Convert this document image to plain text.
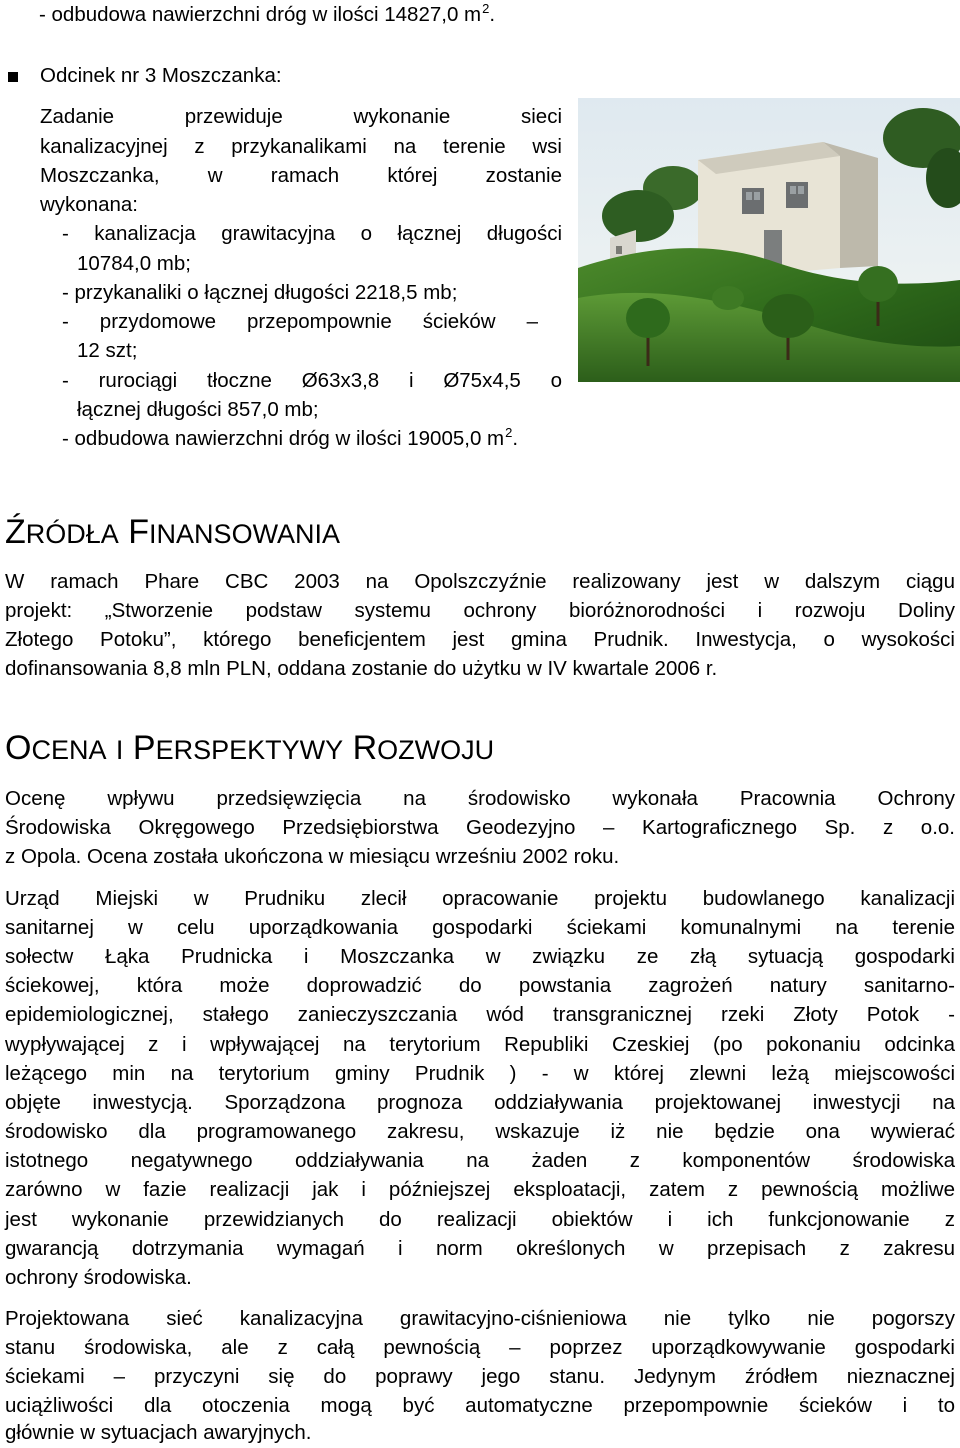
- odbudowa nawierzchni dróg w ilości 14827,0 $m^2$.
Odcinek nr 3 Moszczanka:
Zadanie przewiduje wykonanie sieci
kanalizacyjnej z przykanalikami na terenie wsi
Moszczanka, w ramach której zostanie
wykonana:
- kanalizacja grawitacyjna o łącznej długości
10784,0 mb;
- przykanaliki o łącznej długości 2218,5 mb;
- przydomowe przepompownie ścieków –
12 szt;
- rurociągi tłoczne Ø63x3,8 i Ø75x4,5 o
łącznej długości 857,0 mb;
- odbudowa nawierzchni dróg w ilości 19005,0 $m^2$.
ŹRÓDŁA FINANSOWANIA
W ramach Phare CBC 2003 na Opolszczyźnie realizowany jest w dalszym ciągu
projekt: „Stworzenie podstaw systemu ochrony bioróżnorodności i rozwoju Doliny
Złotego Potoku”, którego beneficjentem jest gmina Prudnik. Inwestycja, o wysokości
dofinansowania 8,8 mln PLN, oddana zostanie do użytku w IV kwartale 2006 r.
OCENA I PERSPEKTYWY ROZWOJU
Ocenę wpływu przedsięwzięcia na środowisko wykonała Pracownia Ochrony
Środowiska Okręgowego Przedsiębiorstwa Geodezyjno – Kartograficznego Sp. z o.o.
z Opola. Ocena została ukończona w miesiącu wrześniu 2002 roku.
Urząd Miejski w Prudniku zlecił opracowanie projektu budowlanego kanalizacji
sanitarnej w celu uporządkowania gospodarki ściekami komunalnymi na terenie
sołectw Łąka Prudnicka i Moszczanka w związku ze złą sytuacją gospodarki
ściekowej, która może doprowadzić do powstania zagrożeń natury sanitarno-
epidemiologicznej, stałego zanieczyszczania wód transgranicznej rzeki Złoty Potok -
wypływającej z i wpływającej na terytorium Republiki Czeskiej (po pokonaniu odcinka
leżącego min na terytorium gminy Prudnik ) - w której zlewni leżą miejscowości
objęte inwestycją. Sporządzona prognoza oddziaływania projektowanej inwestycji na
środowisko dla programowanego zakresu, wskazuje iż nie będzie ona wywierać
istotnego negatywnego oddziaływania na żaden z komponentów środowiska
zarówno w fazie realizacji jak i późniejszej eksploatacji, zatem z pewnością możliwe
jest wykonanie przewidzianych do realizacji obiektów i ich funkcjonowanie z
gwarancją dotrzymania wymagań i norm określonych w przepisach z zakresu
ochrony środowiska.
Projektowana sieć kanalizacyjna grawitacyjno-ciśnieniowa nie tylko nie pogorszy
stanu środowiska, ale z całą pewnością – poprzez uporządkowywanie gospodarki
ściekami – przyczyni się do poprawy jego stanu. Jedynym źródłem nieznacznej
uciążliwości dla otoczenia mogą być automatyczne przepompownie ścieków i to
głównie w sytuacjach awaryjnych.
